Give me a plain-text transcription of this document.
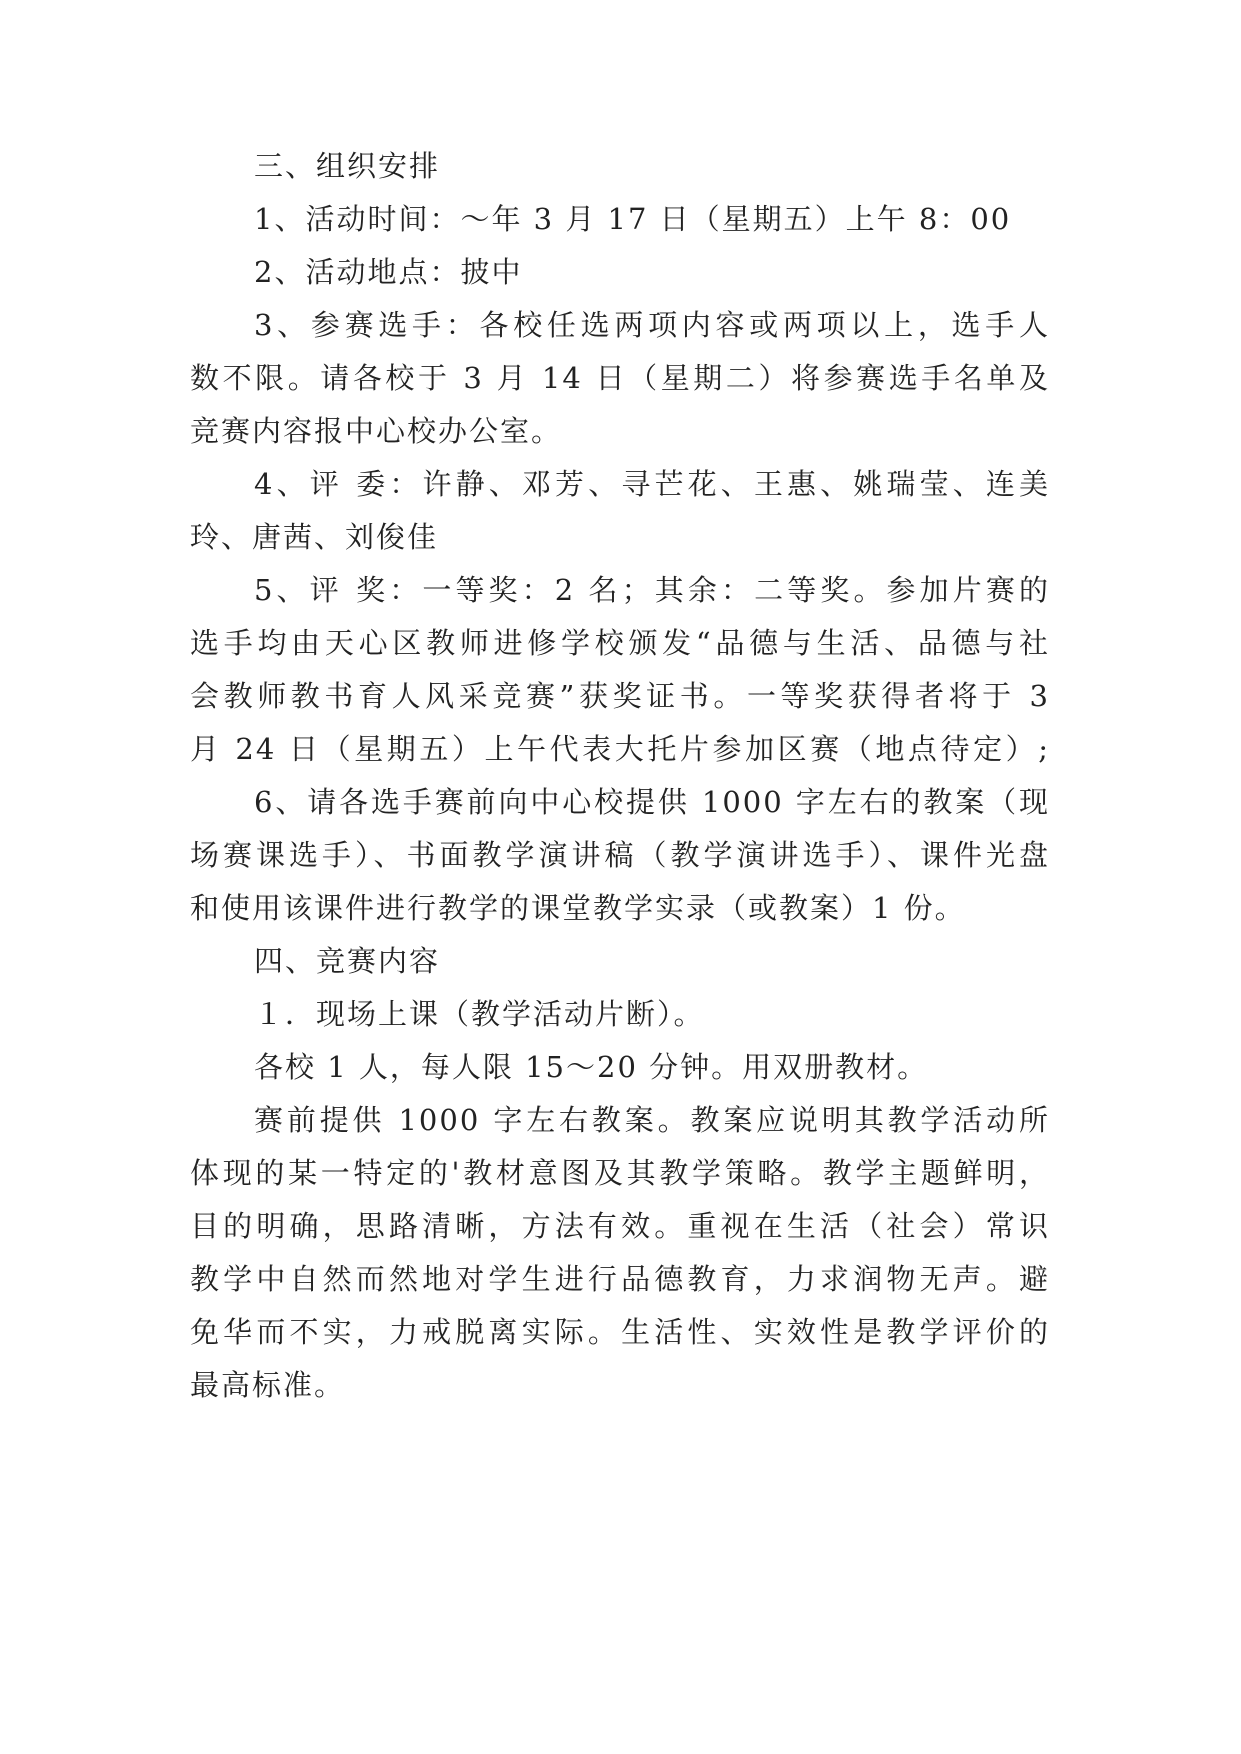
三、组织安排
1、活动时间：～年 3 月 17 日（星期五）上午 8：00
2、活动地点：披中
3、参赛选手：各校任选两项内容或两项以上，选手人
数不限。请各校于 3 月 14 日（星期二）将参赛选手名单及
竞赛内容报中心校办公室。
4、评 委：许静、邓芳、寻芒花、王惠、姚瑞莹、连美
玲、唐茜、刘俊佳
5、评 奖：一等奖：2 名；其余：二等奖。参加片赛的
选手均由天心区教师进修学校颁发“品德与生活、品德与社
会教师教书育人风采竞赛”获奖证书。一等奖获得者将于 3
月 24 日（星期五）上午代表大托片参加区赛（地点待定）;
6、请各选手赛前向中心校提供 1000 字左右的教案（现
场赛课选手）、书面教学演讲稿（教学演讲选手）、课件光盘
和使用该课件进行教学的课堂教学实录（或教案）1 份。
四、竞赛内容
１．现场上课（教学活动片断）。
各校 1 人，每人限 15～20 分钟。用双册教材。
赛前提供 1000 字左右教案。教案应说明其教学活动所
体现的某一特定的'教材意图及其教学策略。教学主题鲜明，
目的明确，思路清晰，方法有效。重视在生活（社会）常识
教学中自然而然地对学生进行品德教育，力求润物无声。避
免华而不实，力戒脱离实际。生活性、实效性是教学评价的
最高标准。
